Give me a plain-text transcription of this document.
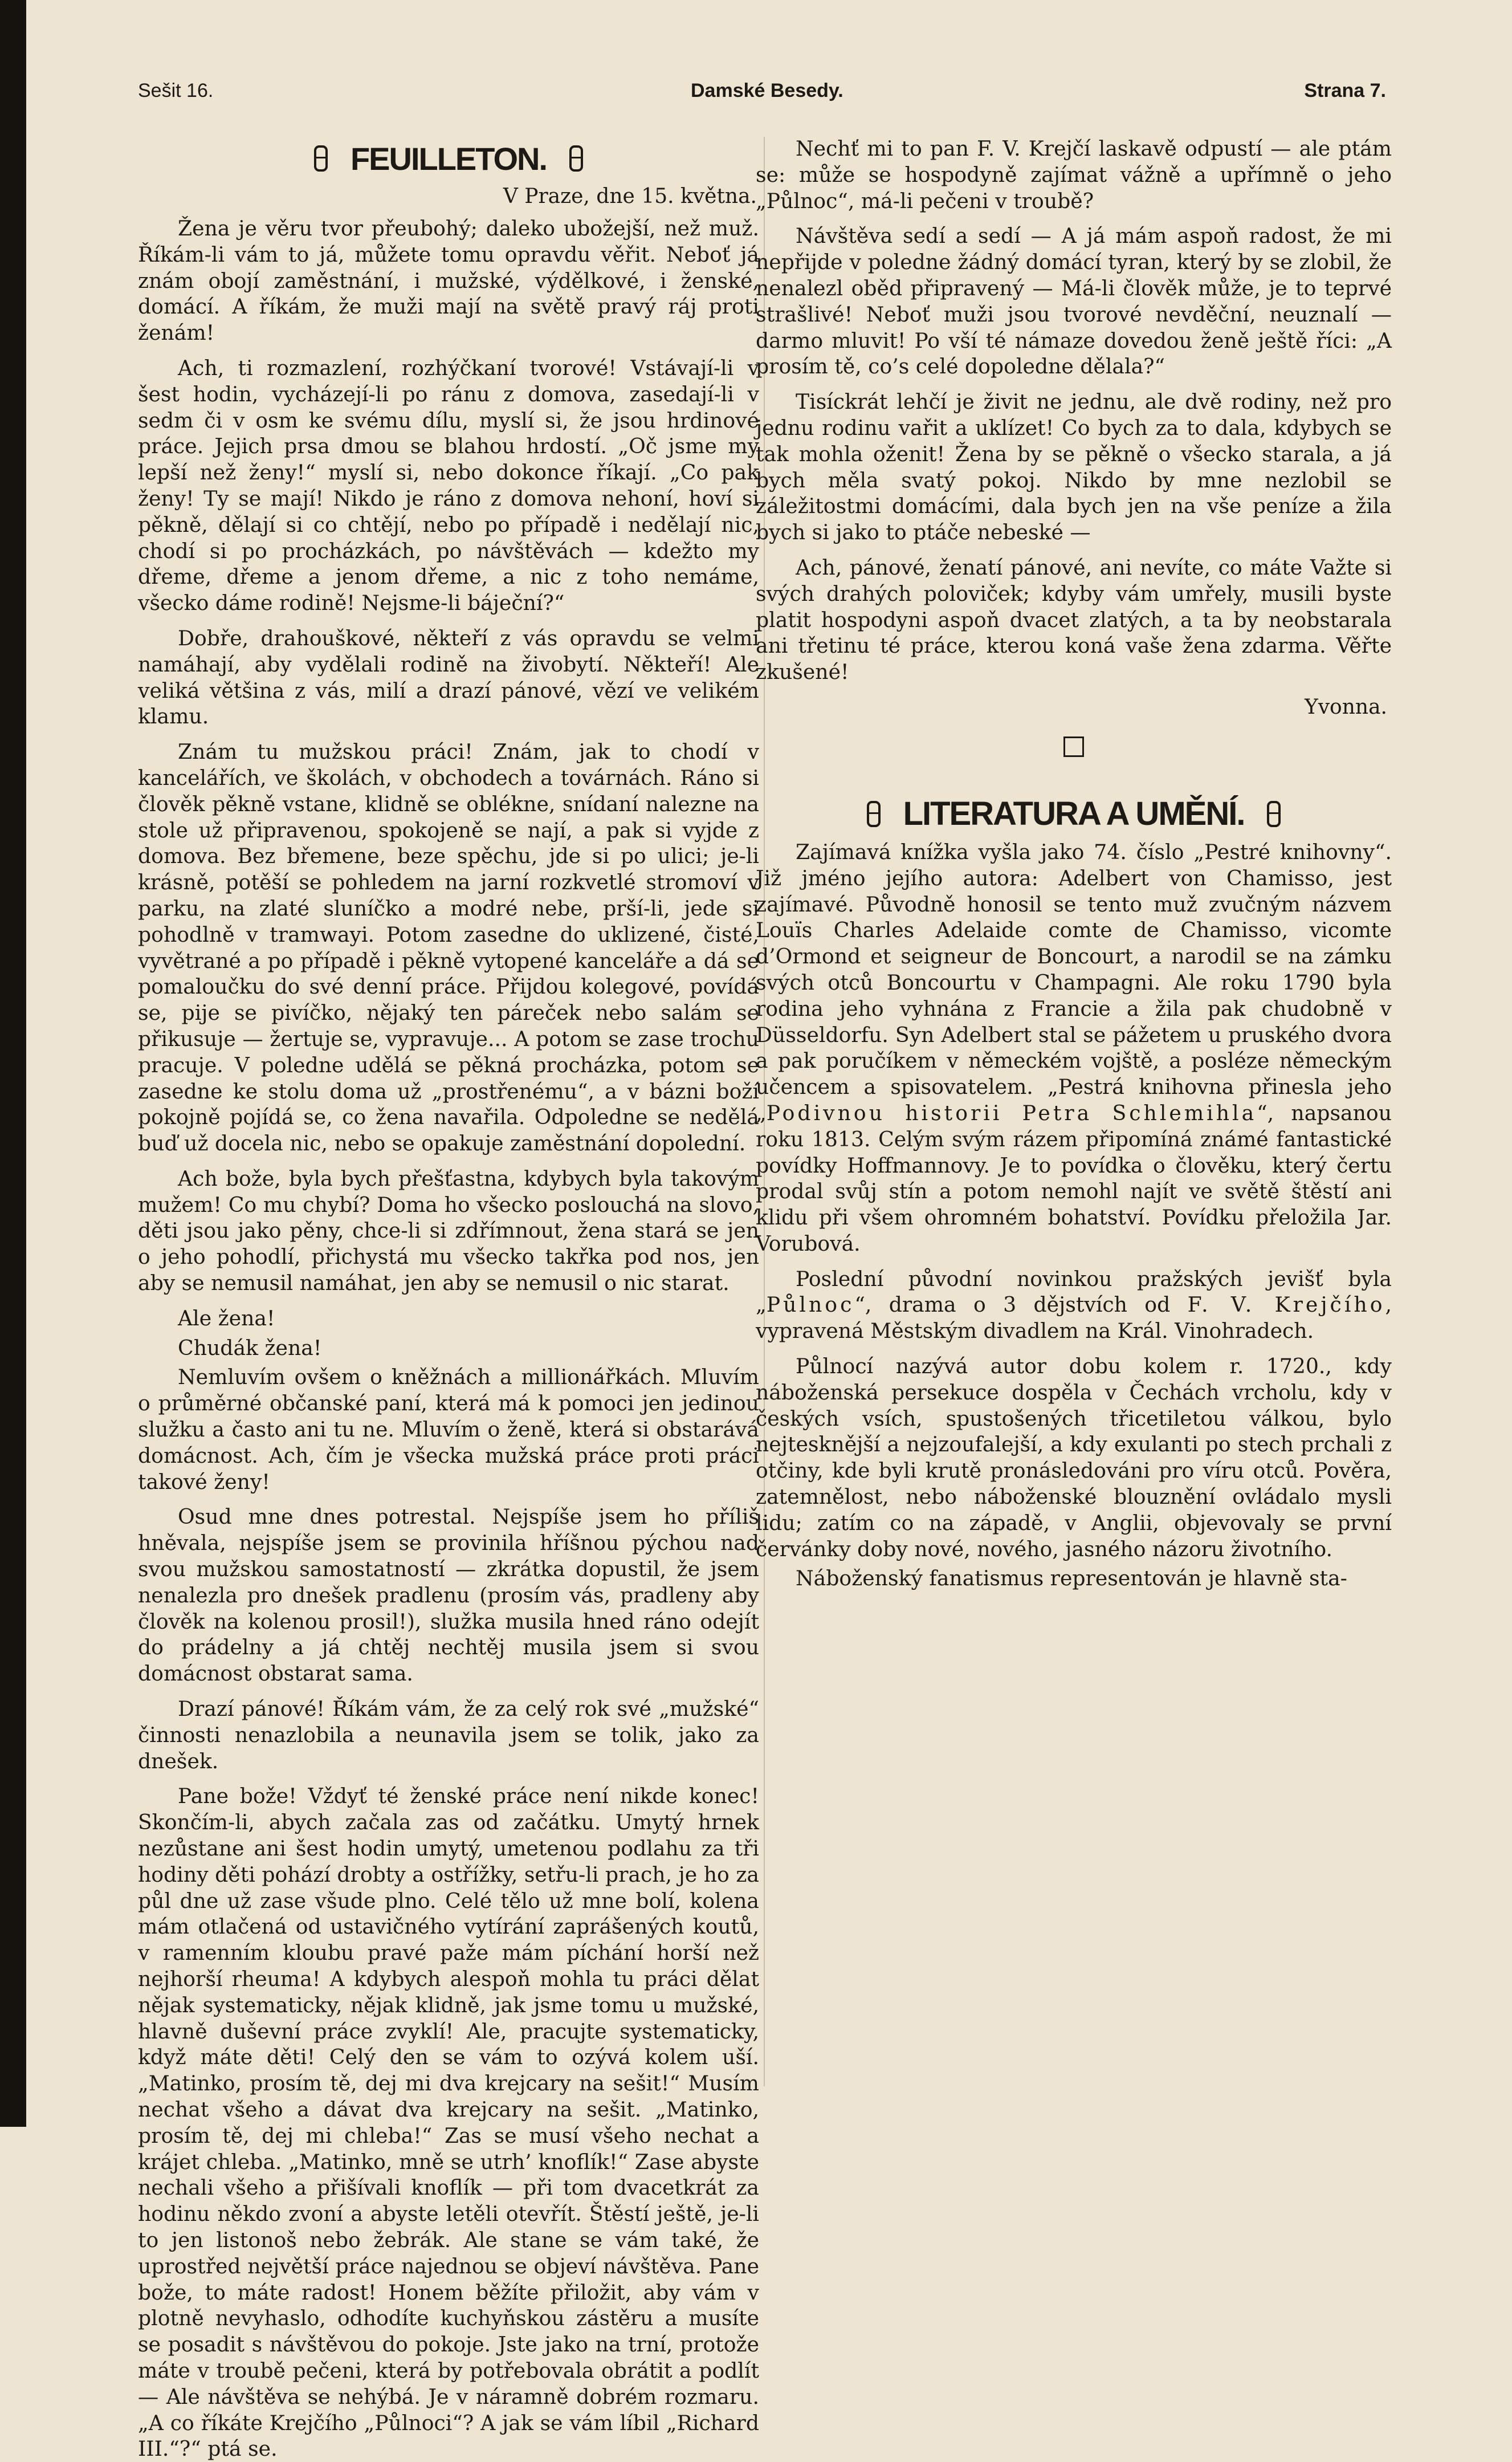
Sešit 16.	Damské Besedy.	Strana 7.
FEUILLETON.
V Praze, dne 15. května.

Žena je věru tvor přeubohý; daleko ubožejší, než muž. Říkám-li vám to já, můžete tomu opravdu věřit. Neboť já znám obojí zaměstnání, i mužské, výdělkové, i ženské, domácí. A říkám, že muži mají na světě pravý ráj proti ženám!

Ach, ti rozmazlení, rozhýčkaní tvorové! Vstávají-li v šest hodin, vycházejí-li po ránu z domova, zasedají-li v sedm či v osm ke svému dílu, myslí si, že jsou hrdinové práce. Jejich prsa dmou se blahou hrdostí. „Oč jsme my lepší než ženy!“ myslí si, nebo dokonce říkají. „Co pak ženy! Ty se mají! Nikdo je ráno z domova nehoní, hoví si pěkně, dělají si co chtějí, nebo po případě i nedělají nic, chodí si po procházkách, po návštěvách — kdežto my dřeme, dřeme a jenom dřeme, a nic z toho nemáme, všecko dáme rodině! Nejsme-li báječní?“

Dobře, drahouškové, někteří z vás opravdu se velmi namáhají, aby vydělali rodině na živobytí. Někteří! Ale veliká většina z vás, milí a drazí pánové, vězí ve velikém klamu.

Znám tu mužskou práci! Znám, jak to chodí v kancelářích, ve školách, v obchodech a továrnách. Ráno si člověk pěkně vstane, klidně se oblékne, snídaní nalezne na stole už připravenou, spokojeně se nají, a pak si vyjde z domova. Bez břemene, beze spěchu, jde si po ulici; je-li krásně, potěší se pohledem na jarní rozkvetlé stromoví v parku, na zlaté sluníčko a modré nebe, prší-li, jede si pohodlně v tramwayi. Potom zasedne do uklizené, čisté, vyvětrané a po případě i pěkně vytopené kanceláře a dá se pomaloučku do své denní práce. Přijdou kolegové, povídá se, pije se pivíčko, nějaký ten páreček nebo salám se přikusuje — žertuje se, vypravuje... A potom se zase trochu pracuje. V poledne udělá se pěkná procházka, potom se zasedne ke stolu doma už „prostřenému“, a v bázni boží pokojně pojídá se, co žena navařila. Odpoledne se nedělá buď už docela nic, nebo se opakuje zaměstnání dopolední.

Ach bože, byla bych přešťastna, kdybych byla takovým mužem! Co mu chybí? Doma ho všecko poslouchá na slovo, děti jsou jako pěny, chce-li si zdřímnout, žena stará se jen o jeho pohodlí, přichystá mu všecko takřka pod nos, jen aby se nemusil namáhat, jen aby se nemusil o nic starat.

Ale žena!

Chudák žena!

Nemluvím ovšem o kněžnách a millionářkách. Mluvím o průměrné občanské paní, která má k pomoci jen jedinou služku a často ani tu ne. Mluvím o ženě, která si obstarává domácnost. Ach, čím je všecka mužská práce proti práci takové ženy!

Osud mne dnes potrestal. Nejspíše jsem ho příliš hněvala, nejspíše jsem se provinila hříšnou pýchou nad svou mužskou samostatností — zkrátka dopustil, že jsem nenalezla pro dnešek pradlenu (prosím vás, pradleny aby člověk na kolenou prosil!), služka musila hned ráno odejít do prádelny a já chtěj nechtěj musila jsem si svou domácnost obstarat sama.

Drazí pánové! Říkám vám, že za celý rok své „mužské“ činnosti nenazlobila a neunavila jsem se tolik, jako za dnešek.

Pane bože! Vždyť té ženské práce není nikde konec! Skončím-li, abych začala zas od začátku. Umytý hrnek nezůstane ani šest hodin umytý, umetenou podlahu za tři hodiny děti pohází drobty a ostřížky, setřu-li prach, je ho za půl dne už zase všude plno. Celé tělo už mne bolí, kolena mám otlačená od ustavičného vytírání zaprášených koutů, v ramenním kloubu pravé paže mám píchání horší než nejhorší rheuma! A kdybych alespoň mohla tu práci dělat nějak systematicky, nějak klidně, jak jsme tomu u mužské, hlavně duševní práce zvyklí! Ale, pracujte systematicky, když máte děti! Celý den se vám to ozývá kolem uší. „Matinko, prosím tě, dej mi dva krejcary na sešit!“ Musím nechat všeho a dávat dva krejcary na sešit. „Matinko, prosím tě, dej mi chleba!“ Zas se musí všeho nechat a krájet chleba. „Matinko, mně se utrh’ knoflík!“ Zase abyste nechali všeho a přišívali knoflík — při tom dvacetkrát za hodinu někdo zvoní a abyste letěli otevřít. Štěstí ještě, je-li to jen listonoš nebo žebrák. Ale stane se vám také, že uprostřed největší práce najednou se objeví návštěva. Pane bože, to máte radost! Honem běžíte přiložit, aby vám v plotně nevyhaslo, odhodíte kuchyňskou zástěru a musíte se posadit s návštěvou do pokoje. Jste jako na trní, protože máte v troubě pečeni, která by potřebovala obrátit a podlít — Ale návštěva se nehýbá. Je v náramně dobrém rozmaru. „A co říkáte Krejčího „Půlnoci“? A jak se vám líbil „Richard III.“?“ ptá se.

Nechť mi to pan F. V. Krejčí laskavě odpustí — ale ptám se: může se hospodyně zajímat vážně a upřímně o jeho „Půlnoc“, má-li pečeni v troubě?

Návštěva sedí a sedí — A já mám aspoň radost, že mi nepřijde v poledne žádný domácí tyran, který by se zlobil, že nenalezl oběd připravený — Má-li člověk může, je to teprvé strašlivé! Neboť muži jsou tvorové nevděční, neuznalí — darmo mluvit! Po vší té námaze dovedou ženě ještě říci: „A prosím tě, co’s celé dopoledne dělala?“

Tisíckrát lehčí je živit ne jednu, ale dvě rodiny, než pro jednu rodinu vařit a uklízet! Co bych za to dala, kdybych se tak mohla oženit! Žena by se pěkně o všecko starala, a já bych měla svatý pokoj. Nikdo by mne nezlobil se záležitostmi domácími, dala bych jen na vše peníze a žila bych si jako to ptáče nebeské —

Ach, pánové, ženatí pánové, ani nevíte, co máte Važte si svých drahých poloviček; kdyby vám umřely, musili byste platit hospodyni aspoň dvacet zlatých, a ta by neobstarala ani třetinu té práce, kterou koná vaše žena zdarma. Věřte zkušené!

Yvonna.
LITERATURA A UMĚNÍ.

Zajímavá knížka vyšla jako 74. číslo „Pestré knihovny“. Již jméno jejího autora: Adelbert von Chamisso, jest zajímavé. Původně honosil se tento muž zvučným názvem Louïs Charles Adelaide comte de Chamisso, vicomte d’Ormond et seigneur de Boncourt, a narodil se na zámku svých otců Boncourtu v Champagni. Ale roku 1790 byla rodina jeho vyhnána z Francie a žila pak chudobně v Düsseldorfu. Syn Adelbert stal se pážetem u pruského dvora a pak poručíkem v německém vojště, a posléze německým učencem a spisovatelem. „Pestrá knihovna přinesla jeho „Podivnou historii Petra Schlemihla“, napsanou roku 1813. Celým svým rázem připomíná známé fantastické povídky Hoffmannovy. Je to povídka o člověku, který čertu prodal svůj stín a potom nemohl najít ve světě štěstí ani klidu při všem ohromném bohatství. Povídku přeložila Jar. Vorubová.

Poslední původní novinkou pražských jevišť byla „Půlnoc“, drama o 3 dějstvích od F. V. Krejčího, vypravená Městským divadlem na Král. Vinohradech.

Půlnocí nazývá autor dobu kolem r. 1720., kdy náboženská persekuce dospěla v Čechách vrcholu, kdy v českých vsích, spustošených třicetiletou válkou, bylo nejtesknější a nejzoufalejší, a kdy exulanti po stech prchali z otčiny, kde byli krutě pronásledováni pro víru otců. Pověra, zatemnělost, nebo náboženské blouznění ovládalo mysli lidu; zatím co na západě, v Anglii, objevovaly se první červánky doby nové, nového, jasného názoru životního.

Náboženský fanatismus representován je hlavně sta-
